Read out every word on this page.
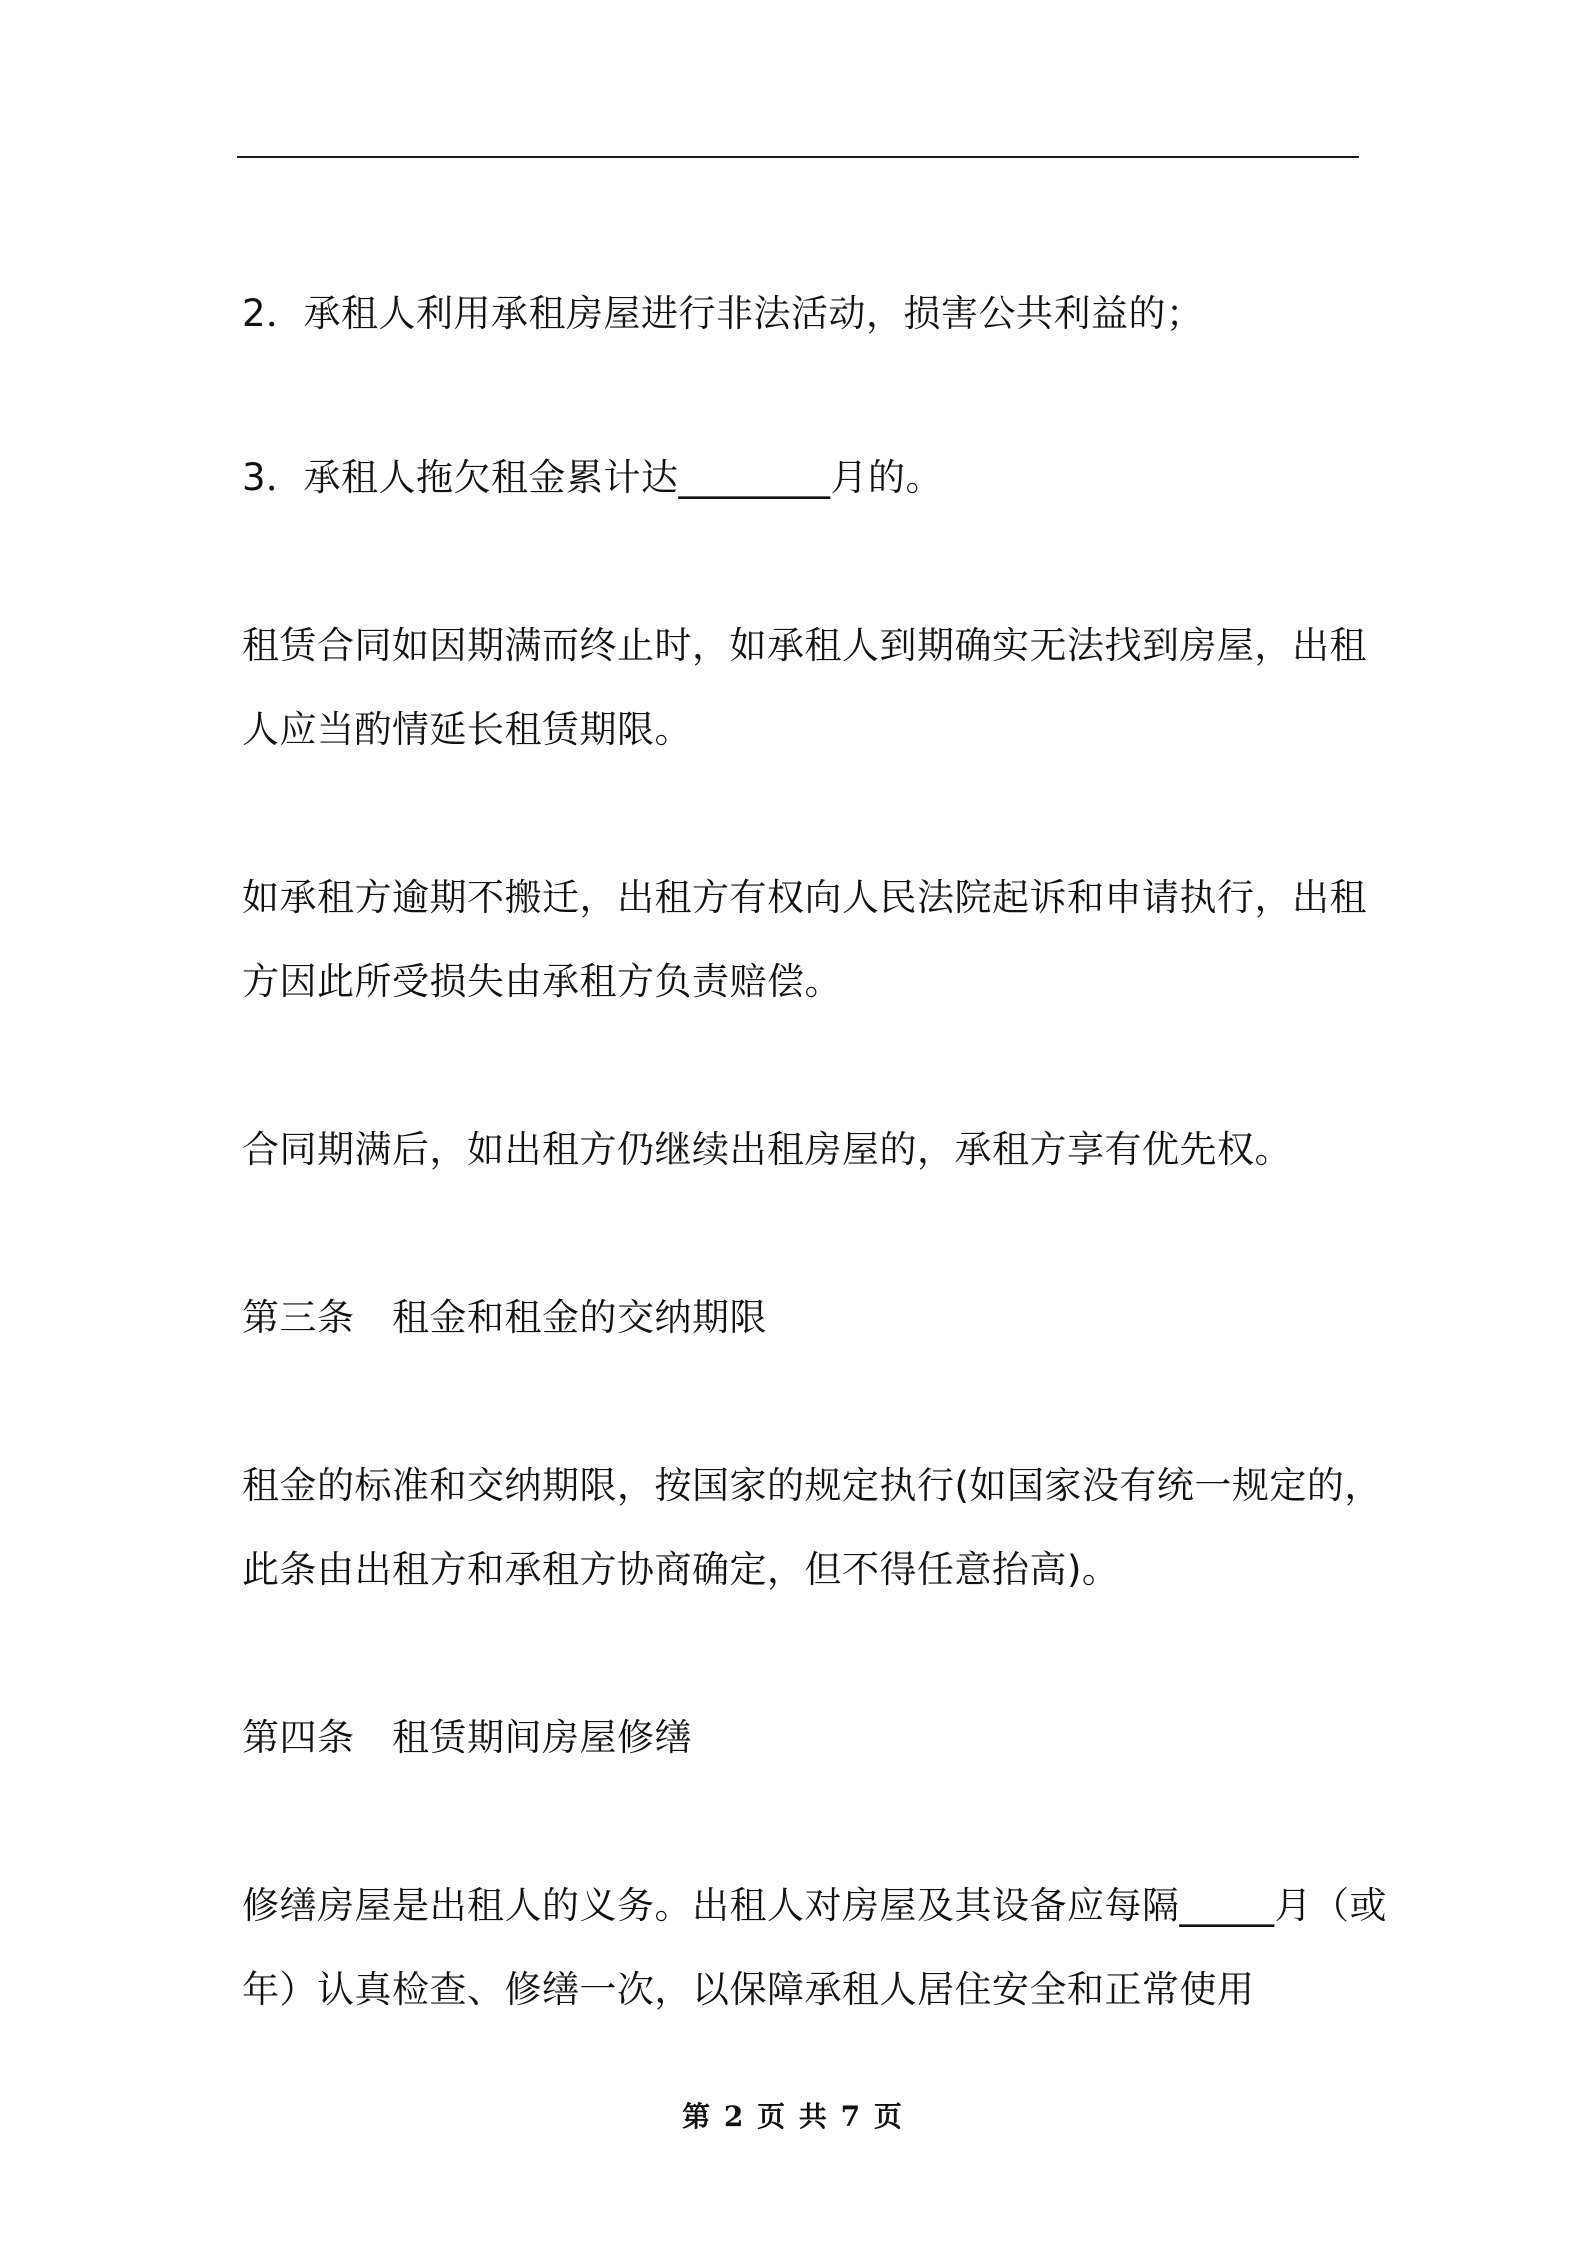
2．承租人利用承租房屋进行非法活动，损害公共利益的；
3．承租人拖欠租金累计达________月的。
租赁合同如因期满而终止时，如承租人到期确实无法找到房屋，出租
人应当酌情延长租赁期限。
如承租方逾期不搬迁，出租方有权向人民法院起诉和申请执行，出租
方因此所受损失由承租方负责赔偿。
合同期满后，如出租方仍继续出租房屋的，承租方享有优先权。
第三条　租金和租金的交纳期限
租金的标准和交纳期限，按国家的规定执行(如国家没有统一规定的，
此条由出租方和承租方协商确定，但不得任意抬高)。
第四条　租赁期间房屋修缮
修缮房屋是出租人的义务。出租人对房屋及其设备应每隔_____月（或
年）认真检查、修缮一次，以保障承租人居住安全和正常使用
第 2 页 共 7 页
